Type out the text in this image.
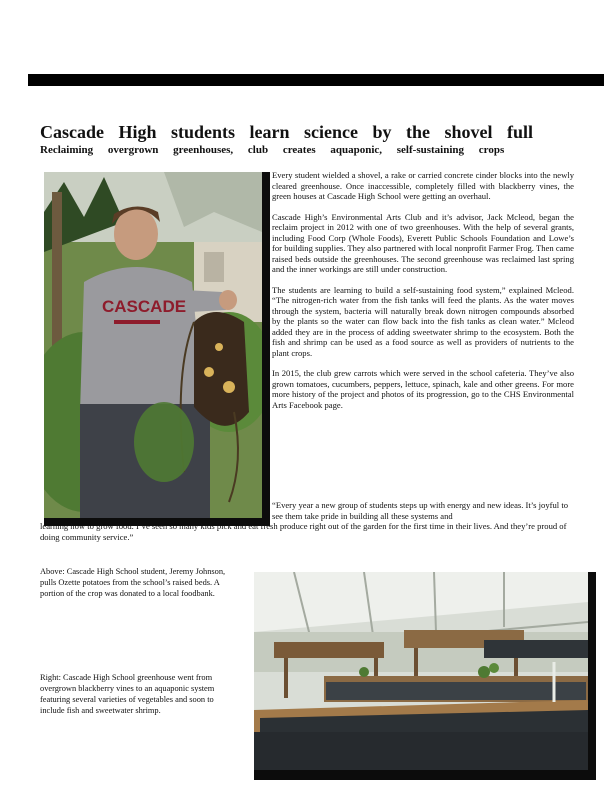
Cascade High students learn science by the shovel full
Reclaiming overgrown greenhouses, club creates aquaponic, self-sustaining crops
CASCADE

Every student wielded a shovel, a rake or carried concrete cinder blocks into the newly cleared greenhouse. Once inaccessible, completely filled with blackberry vines, the green houses at Cascade High School were getting an overhaul.

Cascade High’s Environmental Arts Club and it’s advisor, Jack Mcleod, began the reclaim project in 2012 with one of two greenhouses. With the help of several grants, including Food Corp (Whole Foods), Everett Public Schools Foundation and Lowe’s for building supplies. They also partnered with local nonprofit Farmer Frog. Then came raised beds outside the greenhouses. The second greenhouse was reclaimed last spring and the inner workings are still under construction.

The students are learning to build a self-sustaining food system,” explained Mcleod. “The nitrogen-rich water from the fish tanks will feed the plants. As the water moves through the system, bacteria will naturally break down nitrogen compounds absorbed by the plants so the water can flow back into the fish tanks as clean water.” Mcleod added they are in the process of adding sweetwater shrimp to the ecosystem. Both the fish and shrimp can be used as a food source as well as providers of nutrients to the plant crops.

In 2015, the club grew carrots which were served in the school cafeteria. They’ve also grown tomatoes, cucumbers, peppers, lettuce, spinach, kale and other greens. For more more history of the project and photos of its progression, go to the CHS Environmental Arts Facebook page.

“Every year a new group of students steps up with energy and new ideas. It’s joyful to see them take pride in building all these systems and
learning how to grow food. I’ve seen so many kids pick and eat fresh produce right out of the garden for the first time in their lives. And they’re proud of doing community service.”

Above: Cascade High School student, Jeremy Johnson, pulls Ozette potatoes from the school’s raised beds. A portion of the crop was donated to a local foodbank.

Right: Cascade High School greenhouse went from overgrown blackberry vines to an aquaponic system featuring several varieties of vegetables and soon to include fish and sweetwater shrimp.
